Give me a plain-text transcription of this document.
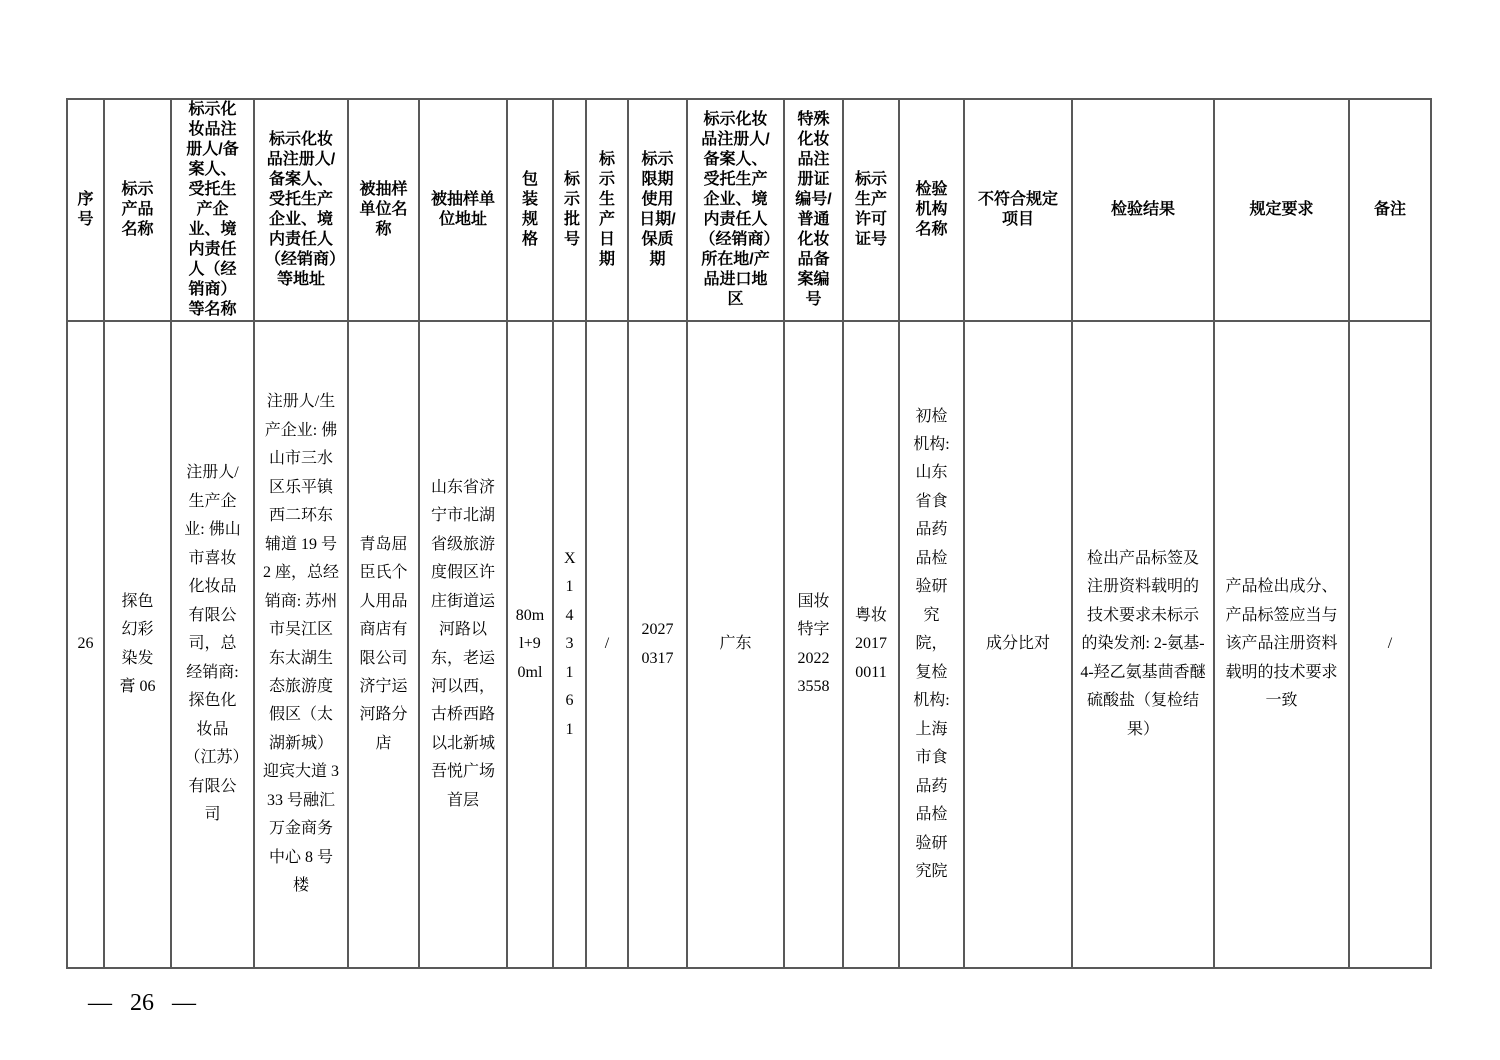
序号	标示产品名称	标示化妆品注册人/备案人、受托生产企业、境内责任人（经销商）等名称	标示化妆品注册人/备案人、受托生产企业、境内责任人（经销商）等地址	被抽样单位名称	被抽样单位地址	包装规格	标示批号	标示生产日期	标示限期使用日期/保质期	标示化妆品注册人/备案人、受托生产企业、境内责任人（经销商）所在地/产品进口地区	特殊化妆品注册证编号/普通化妆品备案编号	标示生产许可证号	检验机构名称	不符合规定项目	检验结果	规定要求	备注
26	探色幻彩染发膏 06	注册人/生产企业: 佛山市喜妆化妆品有限公司，总经销商: 探色化妆品（江苏）有限公司	注册人/生产企业: 佛山市三水区乐平镇西二环东辅道 19 号 2 座，总经销商: 苏州市吴江区东太湖生态旅游度假区（太湖新城）迎宾大道 333 号融汇万金商务中心 8 号楼	青岛屈臣氏个人用品商店有限公司济宁运河路分店	山东省济宁市北湖省级旅游度假区许庄街道运河路以东，老运河以西，古桥西路以北新城吾悦广场首层	80ml+90ml	X143161	/	20270317	广东	国妆特字20223558	粤妆20170011	初检机构: 山东省食品药品检验研究院，复检机构: 上海市食品药品检验研究院	成分比对	检出产品标签及注册资料载明的技术要求未标示的染发剂: 2-氨基-4-羟乙氨基茴香醚硫酸盐（复检结果）	产品检出成分、产品标签应当与该产品注册资料载明的技术要求一致	/
— 26 —
